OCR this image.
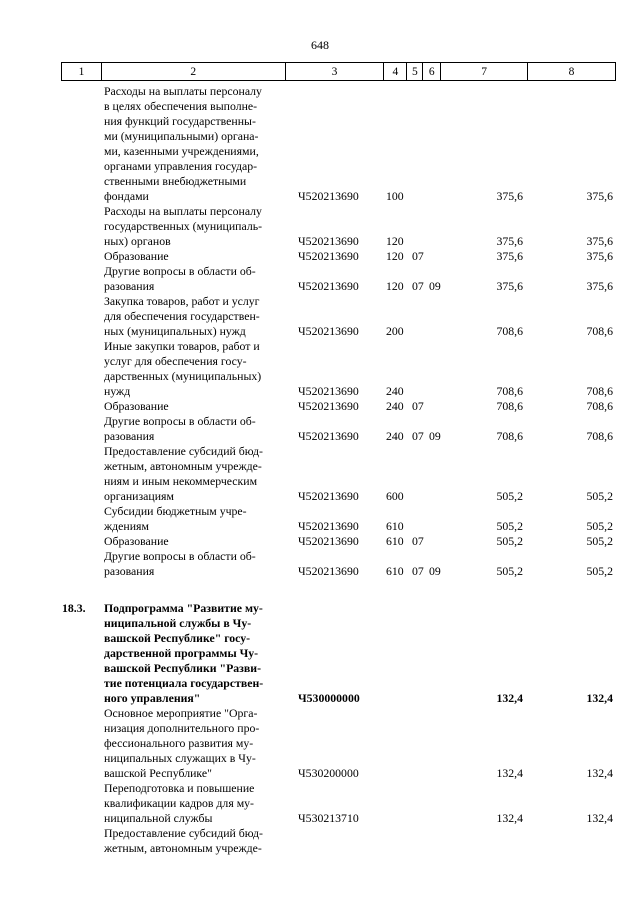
648
1	2	3	4	5	6	7	8
Расходы на выплаты персоналу
в целях обеспечения выполне-
ния функций государственны-
ми (муниципальными) органа-
ми, казенными учреждениями,
органами управления государ-
ственными внебюджетными
фондами	Ч520213690 100	375,6	375,6
Расходы на выплаты персоналу
государственных (муниципаль-
ных) органов	Ч520213690 120	375,6	375,6
Образование	Ч520213690 120 07	375,6	375,6
Другие вопросы в области об-
разования	Ч520213690 120 07 09	375,6	375,6
Закупка товаров, работ и услуг
для обеспечения государствен-
ных (муниципальных) нужд	Ч520213690 200	708,6	708,6
Иные закупки товаров, работ и
услуг для обеспечения госу-
дарственных (муниципальных)
нужд	Ч520213690 240	708,6	708,6
Образование	Ч520213690 240 07	708,6	708,6
Другие вопросы в области об-
разования	Ч520213690 240 07 09	708,6	708,6
Предоставление субсидий бюд-
жетным, автономным учрежде-
ниям и иным некоммерческим
организациям	Ч520213690 600	505,2	505,2
Субсидии бюджетным учре-
ждениям	Ч520213690 610	505,2	505,2
Образование	Ч520213690 610 07	505,2	505,2
Другие вопросы в области об-
разования	Ч520213690 610 07 09	505,2	505,2
18.3.	Подпрограмма "Развитие му-
ниципальной службы в Чу-
вашской Республике" госу-
дарственной программы Чу-
вашской Республики "Разви-
тие потенциала государствен-
ного управления"	Ч530000000	132,4	132,4
Основное мероприятие "Орга-
низация дополнительного про-
фессионального развития му-
ниципальных служащих в Чу-
вашской Республике"	Ч530200000	132,4	132,4
Переподготовка и повышение
квалификации кадров для му-
ниципальной службы	Ч530213710	132,4	132,4
Предоставление субсидий бюд-
жетным, автономным учрежде-
